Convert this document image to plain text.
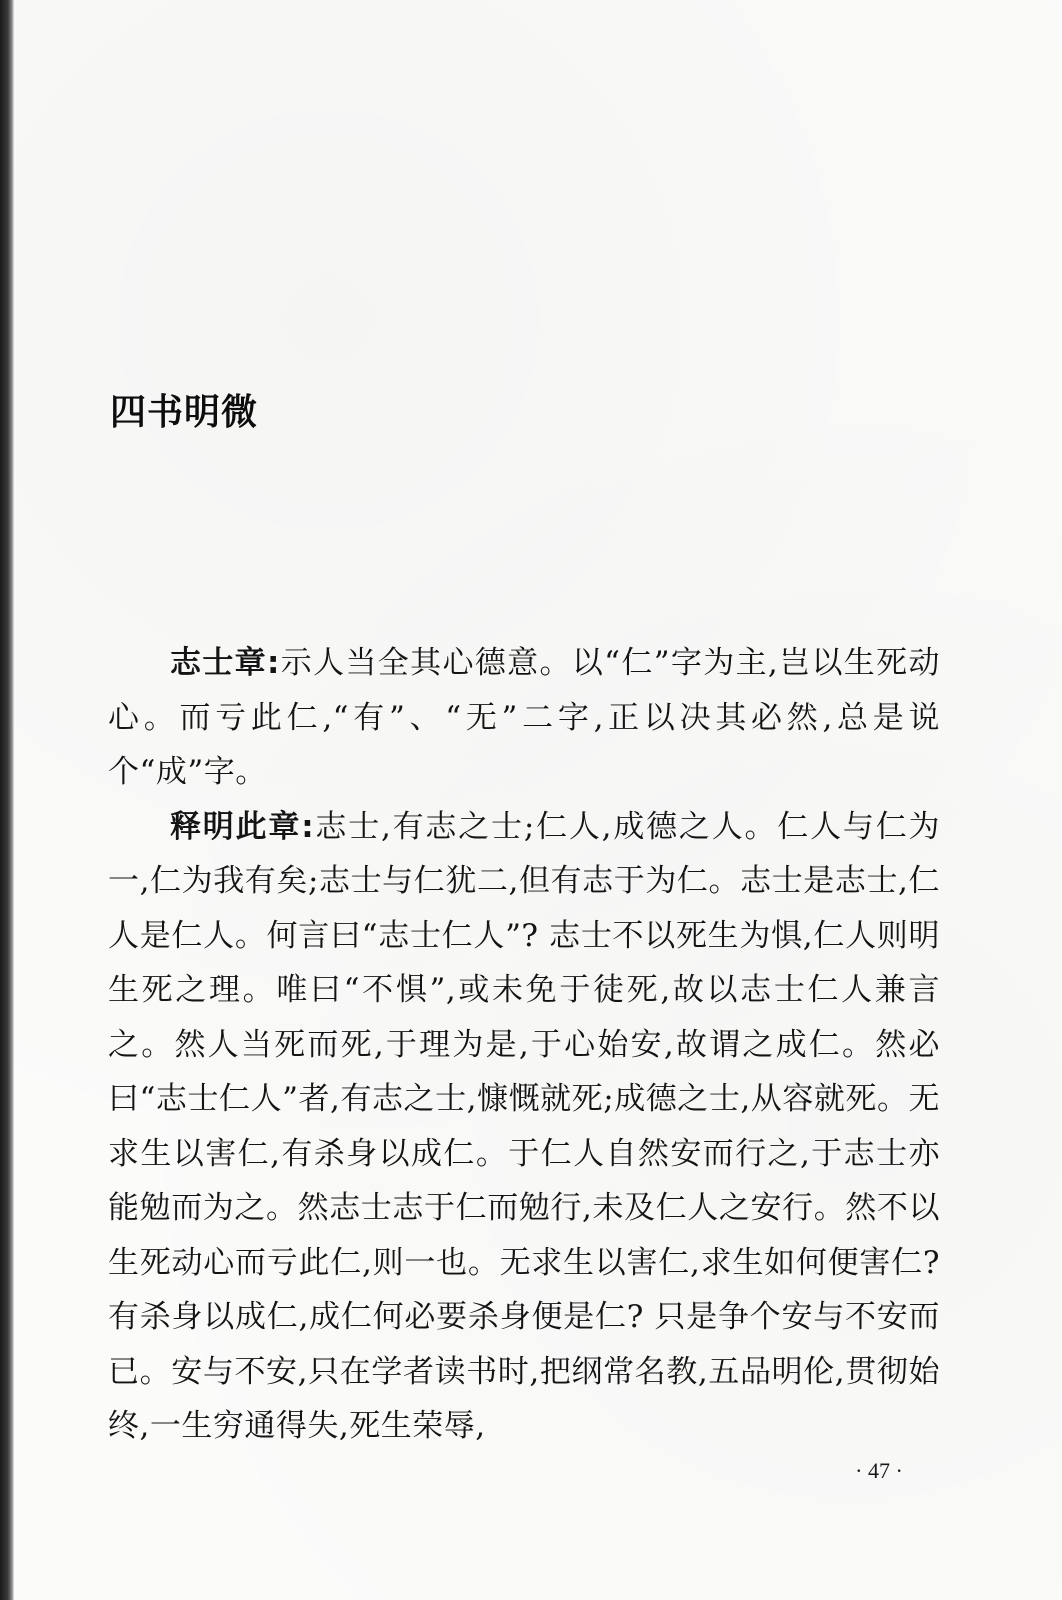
四书明微

志士章:示人当全其心德意。以“仁”字为主,岂以生死动心。而亏此仁,“有”、“无”二字,正以决其必然,总是说个“成”字。

释明此章:志士,有志之士;仁人,成德之人。仁人与仁为一,仁为我有矣;志士与仁犹二,但有志于为仁。志士是志士,仁人是仁人。何言曰“志士仁人”? 志士不以死生为惧,仁人则明生死之理。唯曰“不惧”,或未免于徒死,故以志士仁人兼言之。然人当死而死,于理为是,于心始安,故谓之成仁。然必曰“志士仁人”者,有志之士,慷慨就死;成德之士,从容就死。无求生以害仁,有杀身以成仁。于仁人自然安而行之,于志士亦能勉而为之。然志士志于仁而勉行,未及仁人之安行。然不以生死动心而亏此仁,则一也。无求生以害仁,求生如何便害仁? 有杀身以成仁,成仁何必要杀身便是仁? 只是争个安与不安而已。安与不安,只在学者读书时,把纲常名教,五品明伦,贯彻始终,一生穷通得失,死生荣辱,

· 47 ·
